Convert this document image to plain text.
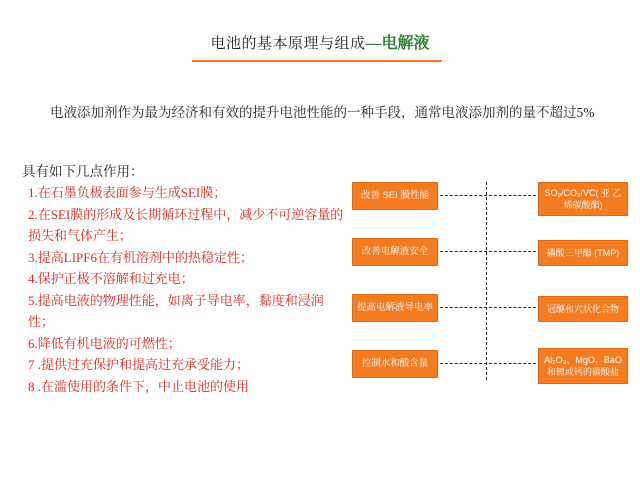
电池的基本原理与组成—电解液
电液添加剂作为最为经济和有效的提升电池性能的一种手段，通常电液添加剂的量不超过5%
具有如下几点作用：
1.在石墨负极表面参与生成SEI膜；
2.在SEI膜的形成及长期循环过程中，减少不可逆容量的损失和气体产生；
3.提高LIPF6在有机溶剂中的热稳定性；
4.保护正极不溶解和过充电；
5.提高电液的物理性能，如离子导电率，黏度和浸润性；
6.降低有机电液的可燃性；
7 .提供过充保护和提高过充承受能力；
8 .在滥使用的条件下，中止电池的使用
改善 SEI 膜性能	SO₂/CO₂/VC( 亚 乙 烯碳酸酯)
改善电解液安全	磷酸三甲酯 (TMP)
提高电解液导电率	冠醚和穴状化合物
控制水和酸含量	Al₂O₃、MgO、BaO 和锂或钙的碳酸盐
